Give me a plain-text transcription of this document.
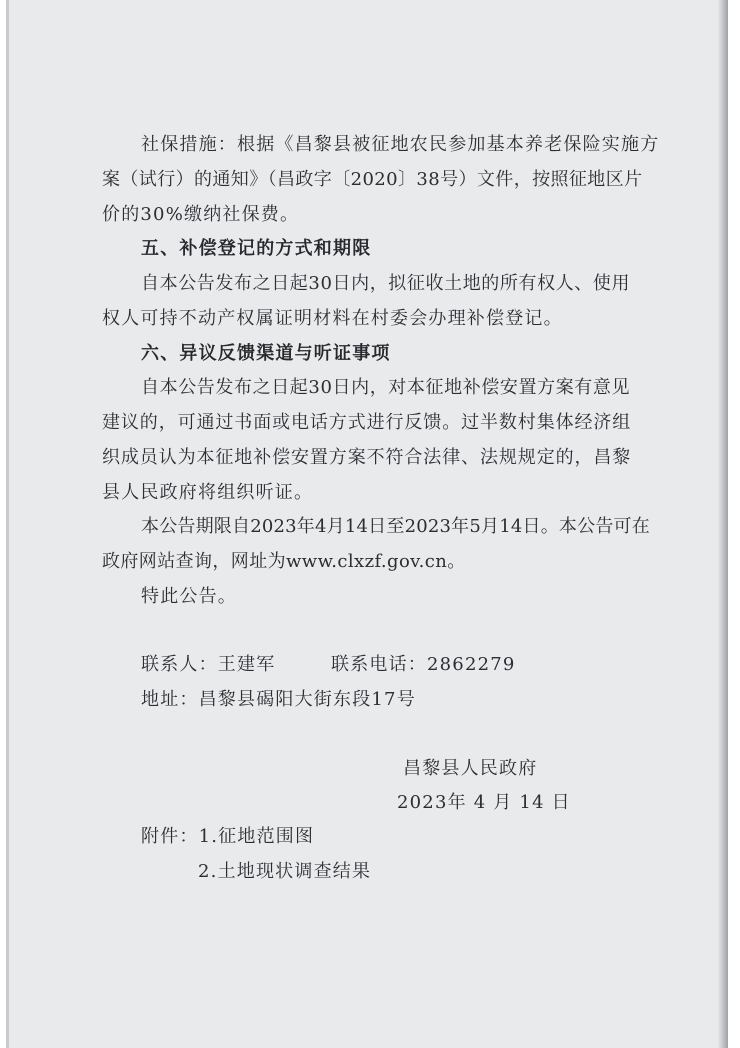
社保措施：根据《昌黎县被征地农民参加基本养老保险实施方
案（试行）的通知》（昌政字〔2020〕38号）文件，按照征地区片
价的30%缴纳社保费。
五、补偿登记的方式和期限
自本公告发布之日起30日内，拟征收土地的所有权人、使用
权人可持不动产权属证明材料在村委会办理补偿登记。
六、异议反馈渠道与听证事项
自本公告发布之日起30日内，对本征地补偿安置方案有意见
建议的，可通过书面或电话方式进行反馈。过半数村集体经济组
织成员认为本征地补偿安置方案不符合法律、法规规定的，昌黎
县人民政府将组织听证。
本公告期限自2023年4月14日至2023年5月14日。本公告可在
政府网站查询，网址为www.clxzf.gov.cn。
特此公告。
联系人：王建军	联系电话：2862279
地址：昌黎县碣阳大街东段17号
昌黎县人民政府
2023年 4 月 14 日
附件：1.征地范围图
2.土地现状调查结果
